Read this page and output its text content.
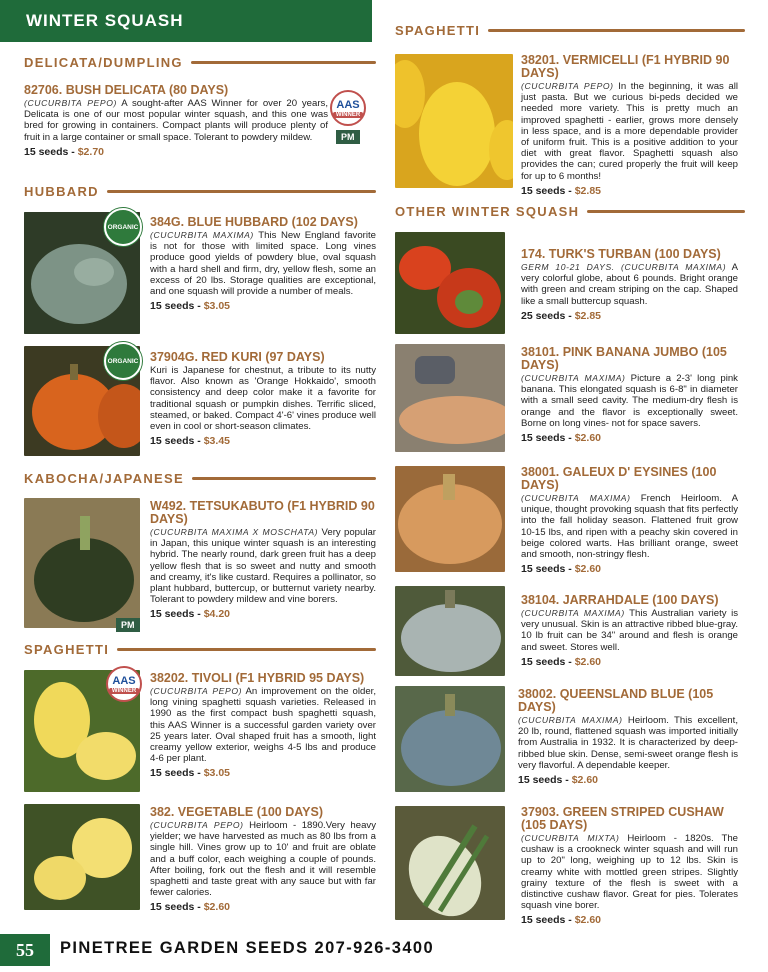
WINTER SQUASH
DELICATA/DUMPLING
82706. BUSH DELICATA (80 DAYS)
(CUCURBITA PEPO) A sought-after AAS Winner for over 20 years, Delicata is one of our most popular winter squash, and this one was bred for growing in containers. Compact plants will produce plenty of fruit in a large container or small space. Tolerant to powdery mildew.
15 seeds - $2.70
AAS
WINNER
PM
HUBBARD
ORGANIC 384G. BLUE HUBBARD (102 DAYS)
(CUCURBITA MAXIMA) This New England favorite is not for those with limited space. Long vines produce good yields of powdery blue, oval squash with a hard shell and firm, dry, yellow flesh, some an excess of 20 lbs. Storage qualities are exceptional, and one squash will provide a number of meals.
15 seeds - $3.05
ORGANIC 37904G. RED KURI (97 DAYS)
Kuri is Japanese for chestnut, a tribute to its nutty flavor. Also known as 'Orange Hokkaido', smooth consistency and deep color make it a favorite for traditional squash or pumpkin dishes. Terrific sliced, steamed, or baked. Compact 4'-6' vines produce well even in cool or short-season climates.
15 seeds - $3.45
KABOCHA/JAPANESE
PM
W492. TETSUKABUTO (F1 HYBRID 90 DAYS)
(CUCURBITA MAXIMA X MOSCHATA) Very popular in Japan, this unique winter squash is an interesting hybrid. The nearly round, dark green fruit has a deep yellow flesh that is so sweet and nutty and smooth and creamy, it's like custard. Requires a pollinator, so plant hubbard, buttercup, or butternut variety nearby. Tolerant to powdery mildew and vine borers.
15 seeds - $4.20
SPAGHETTI
AAS
WINNER
38202. TIVOLI (F1 HYBRID 95 DAYS)
(CUCURBITA PEPO) An improvement on the older, long vining spaghetti squash varieties. Released in 1990 as the first compact bush spaghetti squash, this AAS Winner is a successful garden variety over 25 years later. Oval shaped fruit has a smooth, light creamy yellow exterior, weighs 4-5 lbs and produce 4-6 per plant.
15 seeds - $3.05
382. VEGETABLE (100 DAYS)
(CUCURBITA PEPO) Heirloom - 1890.Very heavy yielder; we have harvested as much as 80 lbs from a single hill. Vines grow up to 10' and fruit are oblate and a buff color, each weighing a couple of pounds. After boiling, fork out the flesh and it will resemble spaghetti and taste great with any sauce but with far fewer calories.
15 seeds - $2.60
SPAGHETTI
38201. VERMICELLI (F1 HYBRID 90 DAYS)
(CUCURBITA PEPO) In the beginning, it was all just pasta. But we curious bi-peds decided we needed more variety. This is pretty much an improved spaghetti - earlier, grows more densely in less space, and is a more dependable provider of uniform fruit. This is a positive addition to your diet with great flavor. Spaghetti squash also provides the can; cured properly the fruit will keep for up to 6 months!
15 seeds - $2.85
OTHER WINTER SQUASH
174. TURK'S TURBAN (100 DAYS)
GERM 10-21 DAYS. (CUCURBITA MAXIMA) A very colorful globe, about 6 pounds. Bright orange with green and cream striping on the cap. Shaped like a small buttercup squash.
25 seeds - $2.85
38101. PINK BANANA JUMBO (105 DAYS)
(CUCURBITA MAXIMA) Picture a 2-3' long pink banana. This elongated squash is 6-8" in diameter with a small seed cavity. The medium-dry flesh is orange and the flavor is exceptionally sweet. Borne on long vines- not for space savers.
15 seeds - $2.60
38001. GALEUX D' EYSINES (100 DAYS)
(CUCURBITA MAXIMA) French Heirloom. A unique, thought provoking squash that fits perfectly into the fall holiday season. Flattened fruit grow 10-15 lbs, and ripen with a peachy skin covered in beige colored warts. Has brilliant orange, sweet and smooth, non-stringy flesh.
15 seeds - $2.60
38104. JARRAHDALE (100 DAYS)
(CUCURBITA MAXIMA) This Australian variety is very unusual. Skin is an attractive ribbed blue-gray. 10 lb fruit can be 34" around and flesh is orange and sweet. Stores well.
15 seeds - $2.60
38002. QUEENSLAND BLUE (105 DAYS)
(CUCURBITA MAXIMA) Heirloom. This excellent, 20 lb, round, flattened squash was imported initially from Australia in 1932. It is characterized by deep-ribbed blue skin. Dense, semi-sweet orange flesh is very flavorful. A dependable keeper.
15 seeds - $2.60
37903. GREEN STRIPED CUSHAW (105 DAYS)
(CUCURBITA MIXTA) Heirloom - 1820s. The cushaw is a crookneck winter squash and will run up to 20" long, weighing up to 12 lbs. Skin is creamy white with mottled green stripes. Slightly grainy texture of the flesh is sweet with a distinctive cushaw flavor. Great for pies. Tolerates squash vine borer.
15 seeds - $2.60
55	PINETREE GARDEN SEEDS 207-926-3400
